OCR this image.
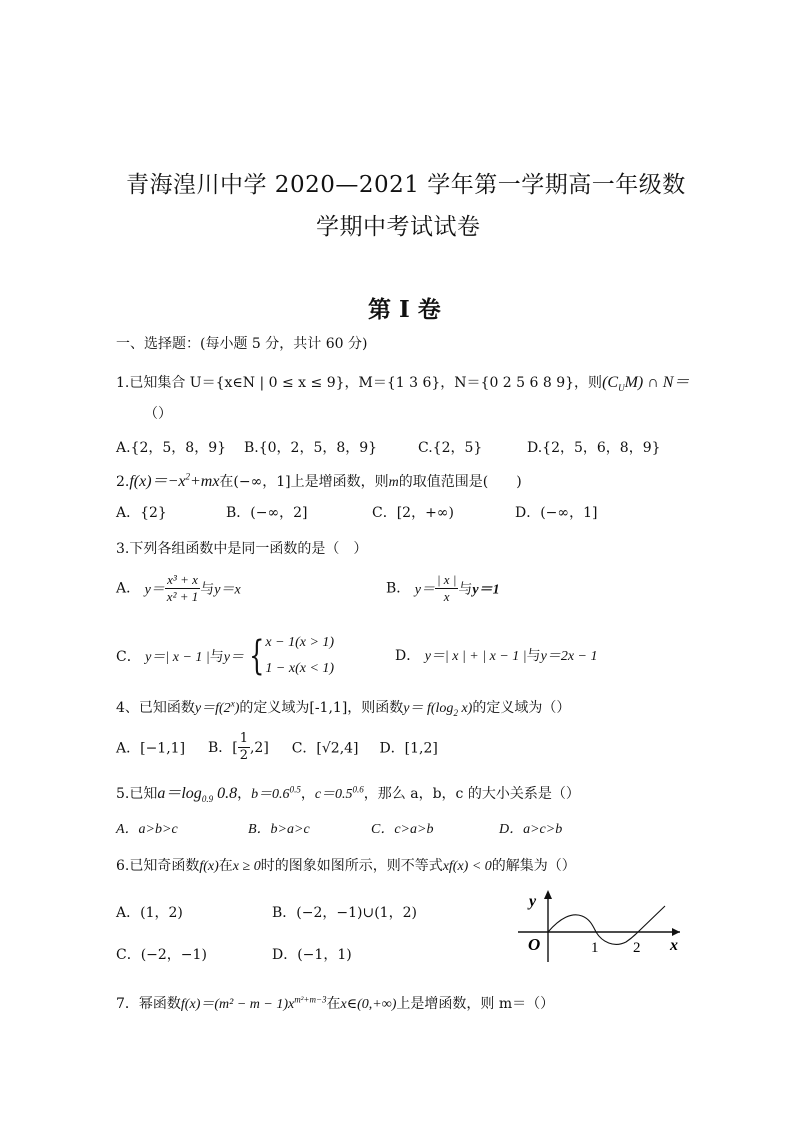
青海湟川中学 2020—2021 学年第一学期高一年级数
学期中考试试卷
第 Ⅰ 卷
一、选择题：(每小题 5 分，共计 60 分)
1.已知集合 U＝{x∈N | 0 ≤ x ≤ 9}，M＝{1 3 6}，N＝{0 2 5 6 8 9}，则$(C_UM)$ ∩ N＝
（）
A.{2，5，8，9} B.{0，2，5，8，9}	C.{2，5}	D.{2，5，6，8，9}
$2.f(x)=-x^2+mx$在(−∞，1]上是增函数，则m的取值范围是(　　)
A．{2}	B．(−∞，2]	C．[2，+∞)	D．(−∞，1]
3.下列各组函数中是同一函数的是（　）
A． $y= \frac{\text{x³ + x}}{\text{x² + 1}}$ 与y＝x	B． $y= \frac{| x |}{x}$ 与y＝1
C． y＝| x − 1 |与y＝ { x − 1(x > 1)
1 − x(x < 1)
D． y＝| x | + | x − 1 |与y＝2x − 1
4、已知函数$y=f(2^x)$的定义域为[-1,1]，则函数$y= f(\log_2$ x)的定义域为（）
A．[−1,1] B．[ $\frac{1}{2} ,2$] C．[√2,4] D．[1,2]
5.已知$a=\log_{0.9}$ 0.8，$b=0.6^{0.5}$，$c=0.5^{0.6}$，那么 a，b，c 的大小关系是（）
A．a>b>c	B．b>a>c	C．c>a>b	D．a>c>b
6.已知奇函数f(x)在x ≥ 0时的图象如图所示，则不等式xf(x) < 0的解集为（）
A．(1，2)	B．(−2，−1)∪(1，2)
C．(−2，−1)	D．(−1，1)
y
x
O	1 2
7．幂函数$f(x)=(m^2 - m - 1)x^{m^2+m-3}$在x∈(0,+∞)上是增函数，则 m＝（）
